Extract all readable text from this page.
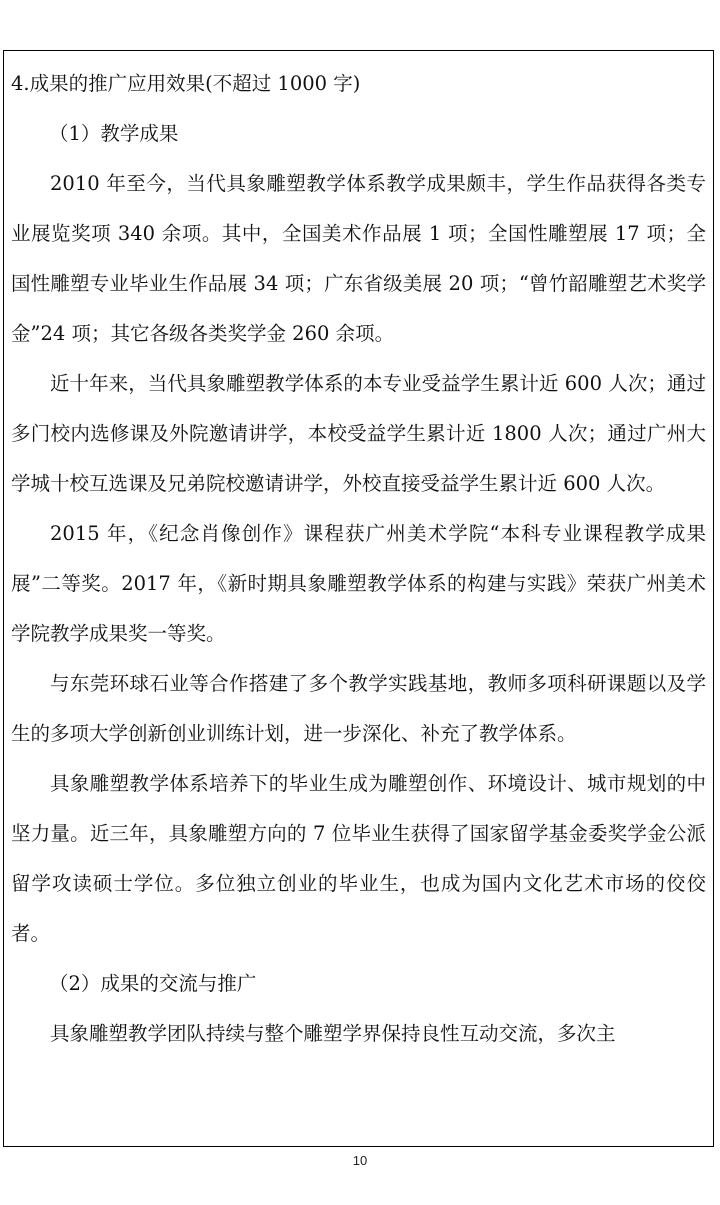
4.成果的推广应用效果(不超过 1000 字)

（1）教学成果

2010 年至今，当代具象雕塑教学体系教学成果颇丰，学生作品获得各类专业展览奖项 340 余项。其中，全国美术作品展 1 项；全国性雕塑展 17 项；全国性雕塑专业毕业生作品展 34 项；广东省级美展 20 项；“曾竹韶雕塑艺术奖学金”24 项；其它各级各类奖学金 260 余项。

近十年来，当代具象雕塑教学体系的本专业受益学生累计近 600 人次；通过多门校内选修课及外院邀请讲学，本校受益学生累计近 1800 人次；通过广州大学城十校互选课及兄弟院校邀请讲学，外校直接受益学生累计近 600 人次。

2015 年，《纪念肖像创作》课程获广州美术学院“本科专业课程教学成果展”二等奖。2017 年，《新时期具象雕塑教学体系的构建与实践》荣获广州美术学院教学成果奖一等奖。

与东莞环球石业等合作搭建了多个教学实践基地，教师多项科研课题以及学生的多项大学创新创业训练计划，进一步深化、补充了教学体系。

具象雕塑教学体系培养下的毕业生成为雕塑创作、环境设计、城市规划的中坚力量。近三年，具象雕塑方向的 7 位毕业生获得了国家留学基金委奖学金公派留学攻读硕士学位。多位独立创业的毕业生，也成为国内文化艺术市场的佼佼者。

（2）成果的交流与推广

具象雕塑教学团队持续与整个雕塑学界保持良性互动交流，多次主

10
